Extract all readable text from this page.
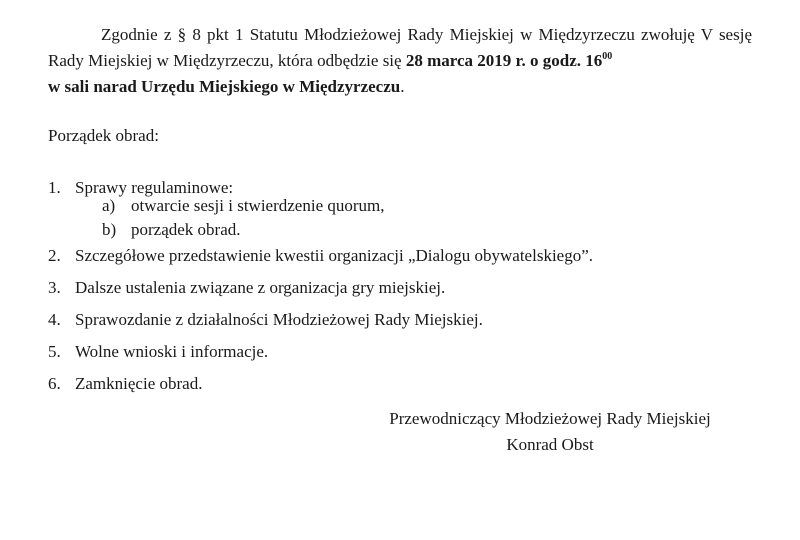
Zgodnie z § 8 pkt 1 Statutu Młodzieżowej Rady Miejskiej w Międzyrzeczu zwołuję V sesję Rady Miejskiej w Międzyrzeczu, która odbędzie się 28 marca 2019 r. o godz. $16^{00}$
w sali narad Urzędu Miejskiego w Międzyrzeczu.

Porządek obrad:
1. Sprawy regulaminowe:
a) otwarcie sesji i stwierdzenie quorum,
b) porządek obrad.
2. Szczegółowe przedstawienie kwestii organizacji „Dialogu obywatelskiego”.
3. Dalsze ustalenia związane z organizacja gry miejskiej.
4. Sprawozdanie z działalności Młodzieżowej Rady Miejskiej.
5. Wolne wnioski i informacje.
6. Zamknięcie obrad.
Przewodniczący Młodzieżowej Rady Miejskiej
Konrad Obst
